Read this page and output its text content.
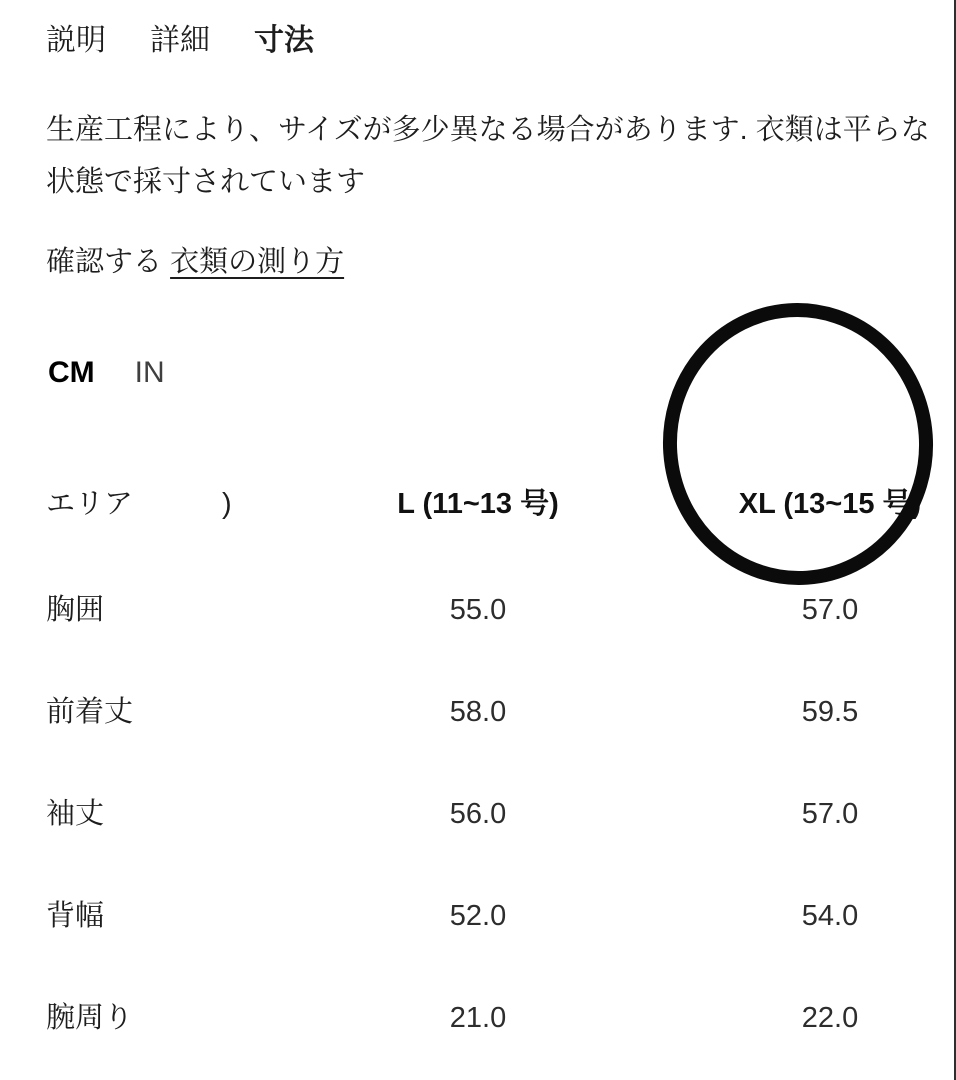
説明 詳細 寸法
生産工程により、サイズが多少異なる場合があります. 衣類は平らな状態で採寸されています
確認する 衣類の測り方
CM IN
エリア	L (11~13 号)	XL (13~15 号)
)
胸囲	55.0	57.0
前着丈	58.0	59.5
袖丈	56.0	57.0
背幅	52.0	54.0
腕周り	21.0	22.0
